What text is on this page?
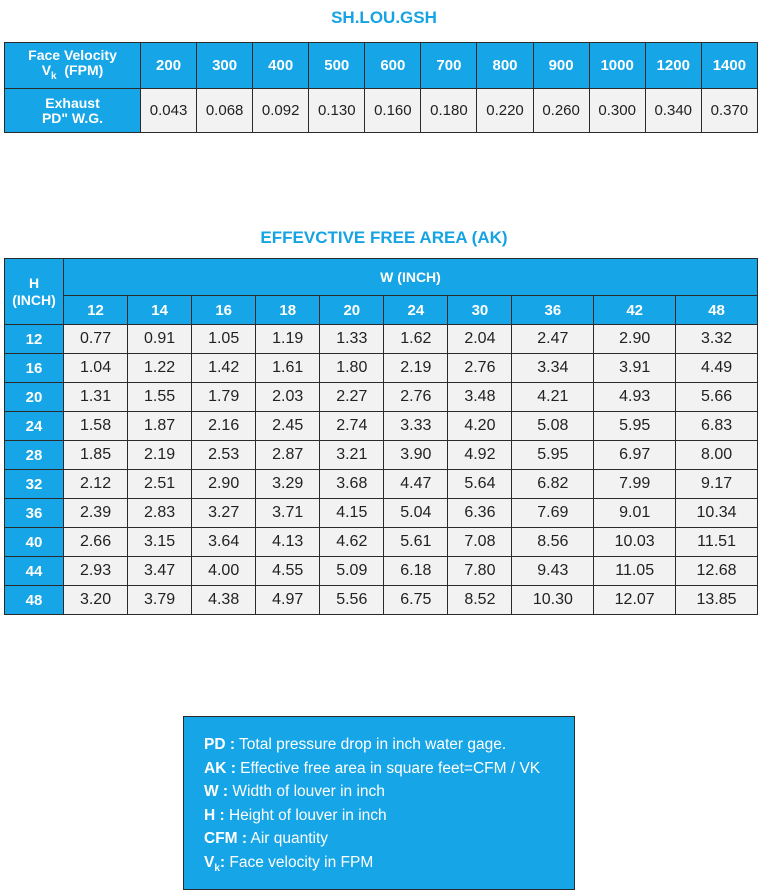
SH.LOU.GSH
Face Velocity
$V_k$ (FPM)	200	300	400	500	600	700	800	900	1000	1200	1400
Exhaust
PD" W.G.	0.043	0.068	0.092	0.130	0.160	0.180	0.220	0.260	0.300	0.340	0.370
EFFEVCTIVE FREE AREA (AK)
H
(INCH)	W (INCH)									
	12	14	16	18	20	24	30	36	42	48
12	0.77	0.91	1.05	1.19	1.33	1.62	2.04	2.47	2.90	3.32
16	1.04	1.22	1.42	1.61	1.80	2.19	2.76	3.34	3.91	4.49
20	1.31	1.55	1.79	2.03	2.27	2.76	3.48	4.21	4.93	5.66
24	1.58	1.87	2.16	2.45	2.74	3.33	4.20	5.08	5.95	6.83
28	1.85	2.19	2.53	2.87	3.21	3.90	4.92	5.95	6.97	8.00
32	2.12	2.51	2.90	3.29	3.68	4.47	5.64	6.82	7.99	9.17
36	2.39	2.83	3.27	3.71	4.15	5.04	6.36	7.69	9.01	10.34
40	2.66	3.15	3.64	4.13	4.62	5.61	7.08	8.56	10.03	11.51
44	2.93	3.47	4.00	4.55	5.09	6.18	7.80	9.43	11.05	12.68
48	3.20	3.79	4.38	4.97	5.56	6.75	8.52	10.30	12.07	13.85
PD : Total pressure drop in inch water gage.
AK : Effective free area in square feet=CFM / VK
W : Width of louver in inch
H : Height of louver in inch
CFM : Air quantity
$V_k$: Face velocity in FPM
